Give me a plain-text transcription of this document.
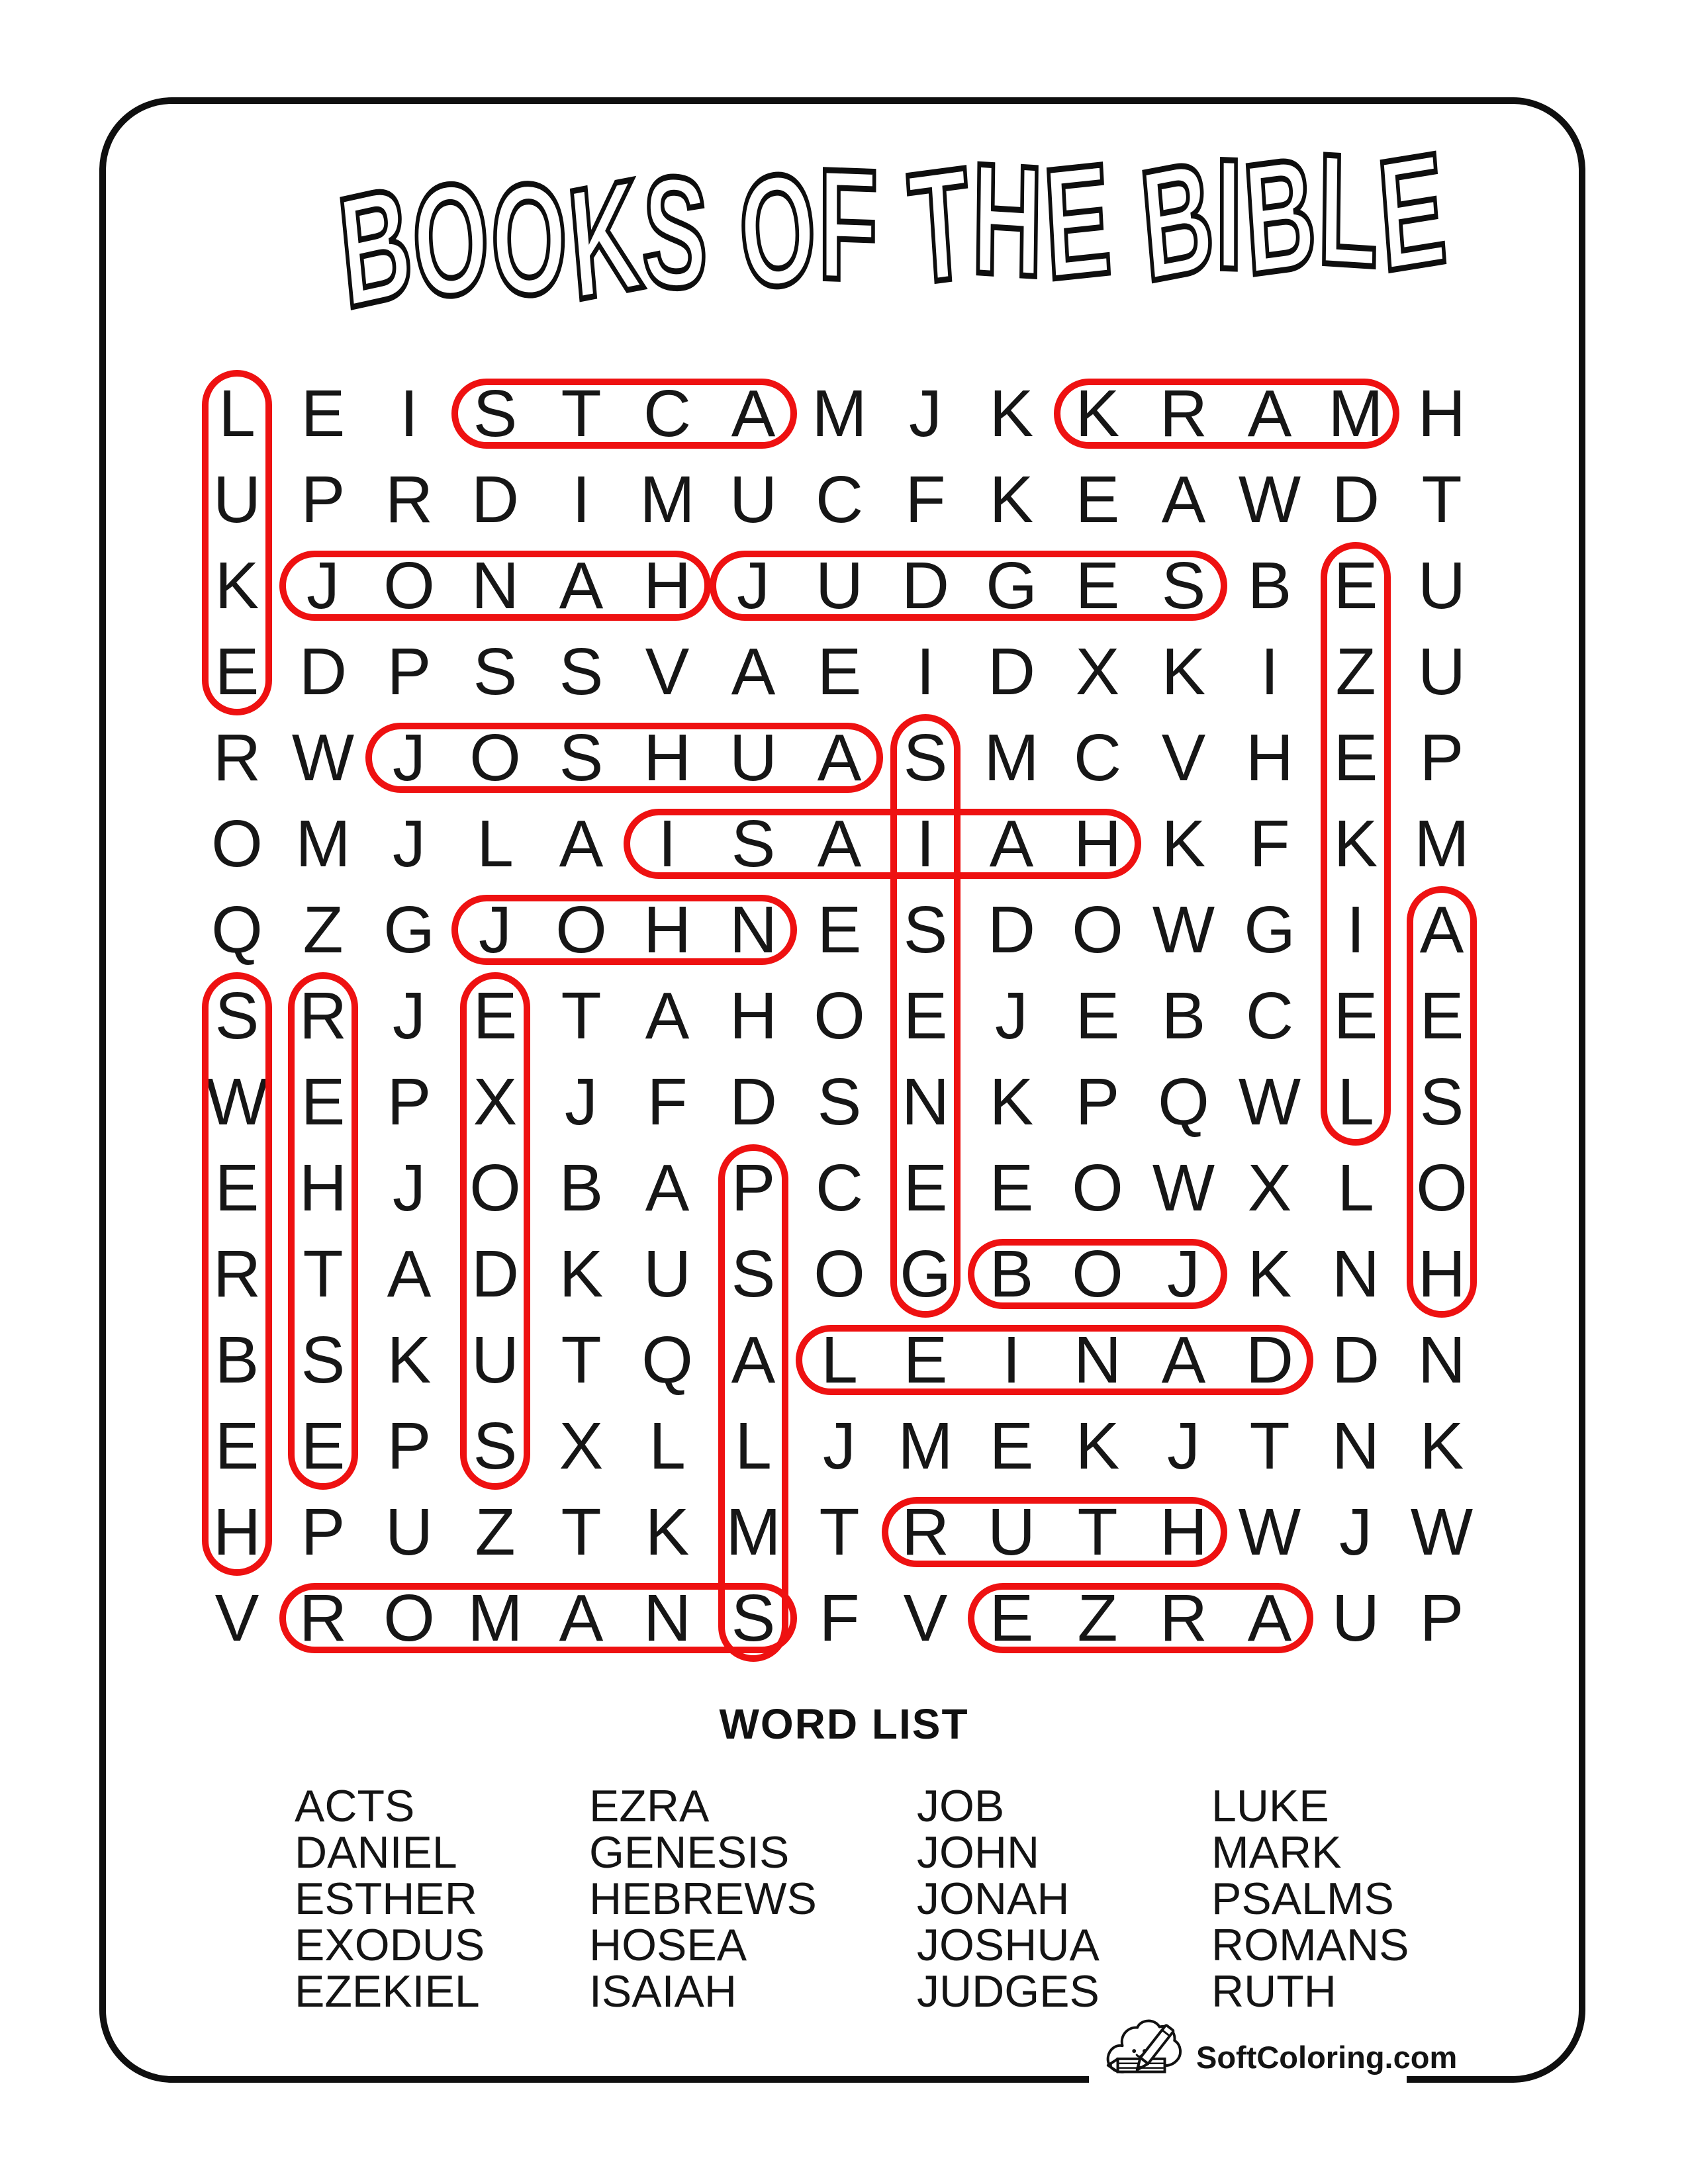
BOOKS OF THE BIBLE
L E I S T C A M J K K R A M H
U P R D I M U C F K E A W D T
K J O N A H J U D G E S B E U
E D P S S V A E I D X K I Z U
R W J O S H U A S M C V H E P
O M J L A I S A I A H K F K M
Q Z G J O H N E S D O W G I A
S R J E T A H O E J E B C E E
W E P X J F D S N K P Q W L S
E H J O B A P C E E O W X L O
R T A D K U S O G B O J K N H
B S K U T Q A L E I N A D D N
E E P S X L L J M E K J T N K
H P U Z T K M T R U T H W J W
V R O M A N S F V E Z R A U P
WORD LIST
ACTS
DANIEL
ESTHER
EXODUS
EZEKIEL
EZRA
GENESIS
HEBREWS
HOSEA
ISAIAH
JOB
JOHN
JONAH
JOSHUA
JUDGES
LUKE
MARK
PSALMS
ROMANS
RUTH
SoftColoring.com
